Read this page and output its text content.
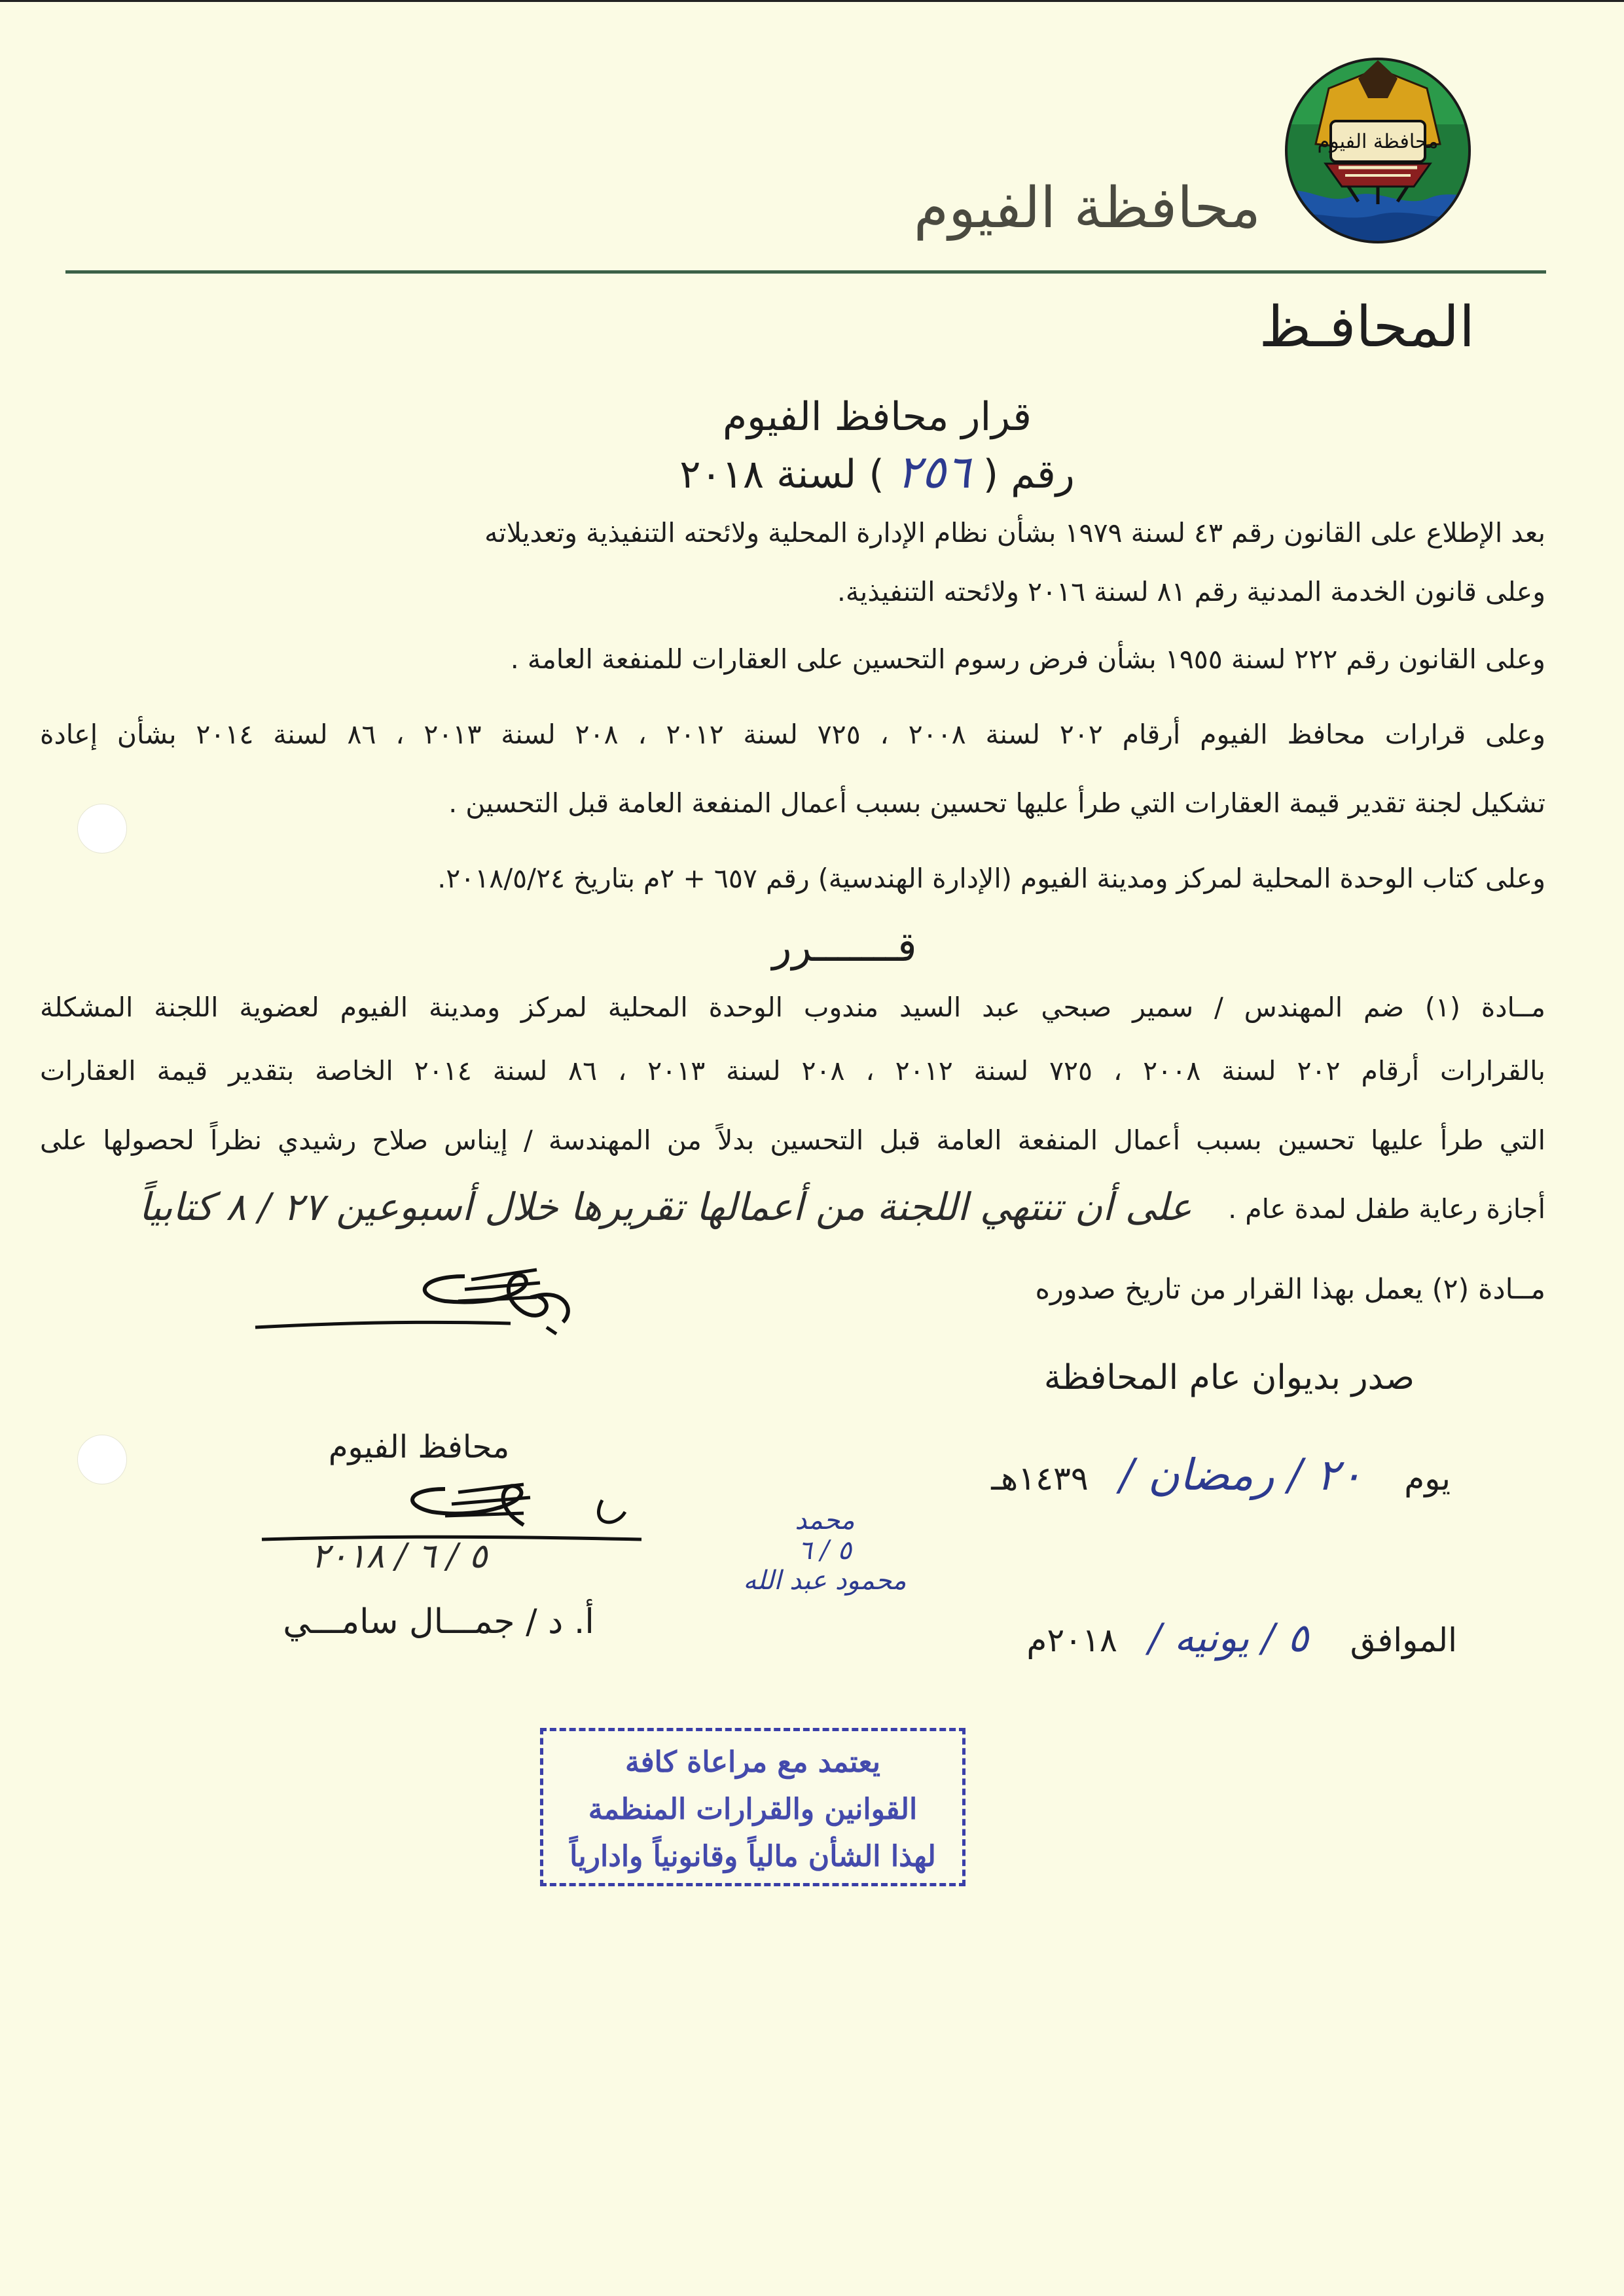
محافظة الفيوم
محافظة الفيوم
المحافـظ
قرار محافظ الفيوم
رقم ( ٢٥٦ ) لسنة ٢٠١٨
بعد الإطلاع على القانون رقم ٤٣ لسنة ١٩٧٩ بشأن نظام الإدارة المحلية ولائحته التنفيذية وتعديلاته
وعلى قانون الخدمة المدنية رقم ٨١ لسنة ٢٠١٦ ولائحته التنفيذية.
وعلى القانون رقم ٢٢٢ لسنة ١٩٥٥ بشأن فرض رسوم التحسين على العقارات للمنفعة العامة .
وعلى قرارات محافظ الفيوم أرقام ٢٠٢ لسنة ٢٠٠٨ ، ٧٢٥ لسنة ٢٠١٢ ، ٢٠٨ لسنة ٢٠١٣ ، ٨٦ لسنة ٢٠١٤ بشأن إعادة
تشكيل لجنة تقدير قيمة العقارات التي طرأ عليها تحسين بسبب أعمال المنفعة العامة قبل التحسين .
وعلى كتاب الوحدة المحلية لمركز ومدينة الفيوم (الإدارة الهندسية) رقم ٦٥٧ + ٢م بتاريخ ٢٠١٨/٥/٢٤.
قـــــــرر
مــادة (١) ضم المهندس / سمير صبحي عبد السيد مندوب الوحدة المحلية لمركز ومدينة الفيوم لعضوية اللجنة المشكلة
بالقرارات أرقام ٢٠٢ لسنة ٢٠٠٨ ، ٧٢٥ لسنة ٢٠١٢ ، ٢٠٨ لسنة ٢٠١٣ ، ٨٦ لسنة ٢٠١٤ الخاصة بتقدير قيمة العقارات
التي طرأ عليها تحسين بسبب أعمال المنفعة العامة قبل التحسين بدلاً من المهندسة / إيناس صلاح رشيدي نظراً لحصولها على
أجازة رعاية طفل لمدة عام .
على أن تنتهي اللجنة من أعمالها تقريرها خلال أسبوعين ٢٧ / ٨ كتابياً
مــادة (٢) يعمل بهذا القرار من تاريخ صدوره
صدر بديوان عام المحافظة
يوم    ٢٠ / رمضان /   ١٤٣٩هـ
الموافق    ٥ / يونيه /   ٢٠١٨م
محافظ الفيوم
٥ / ٦ / ٢٠١٨
أ. د / جمـــال سامـــي
محمد
٥ / ٦
محمود عبد الله
يعتمد مع مراعاة كافة
القوانين والقرارات المنظمة
لهذا الشأن مالياً وقانونياً وادارياً
